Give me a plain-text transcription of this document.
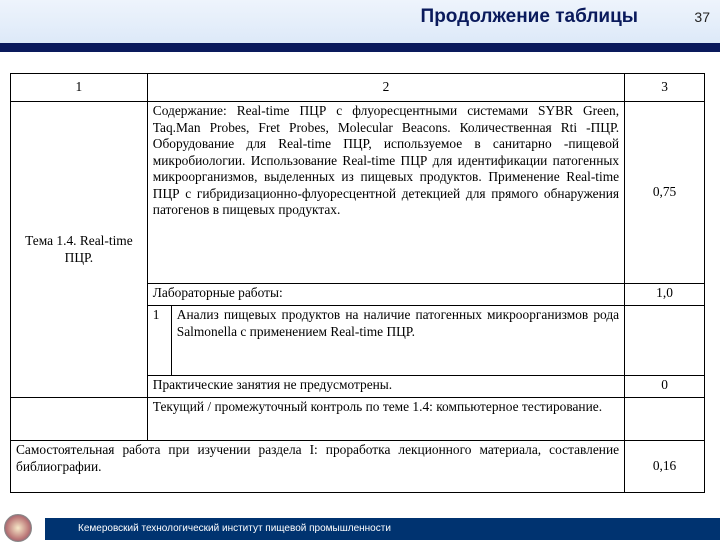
Продолжение таблицы	37
1	2		3
Тема 1.4. Real-time ПЦР.	Содержание: Real-time ПЦР с флуоресцентными системами SYBR Green, Taq.Man Probes, Fret Probes, Molecular Beacons. Количественная Rti -ПЦР. Оборудование для Real-time ПЦР, используемое в санитарно -пищевой микробиологии. Использование Real-time ПЦР для идентификации патогенных микроорганизмов, выделенных из пищевых продуктов. Применение Real-time ПЦР с гибридизационно-флуоресцентной детекцией для прямого обнаружения патогенов в пищевых продуктах.		0,75
	Лабораторные работы:		1,0
	1	Анализ пищевых продуктов на наличие патогенных микроорганизмов рода Salmonella с применением Real-time ПЦР.	
	Практические занятия не предусмотрены.		0
	Текущий / промежуточный контроль по теме 1.4: компьютерное тестирование.		
Самостоятельная работа при изучении раздела I: проработка лекционного материала, составление библиографии.			0,16
Кемеровский технологический институт пищевой промышленности
